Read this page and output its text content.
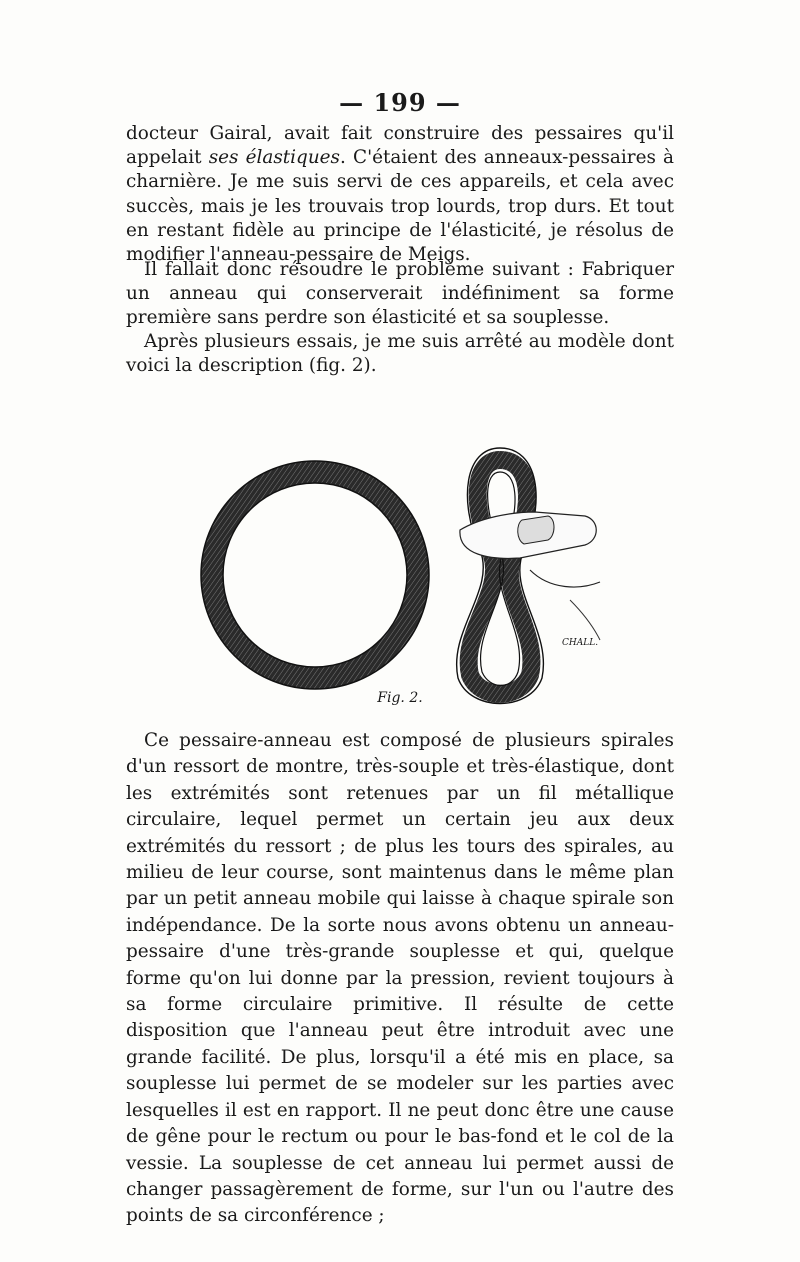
— 199 —
docteur Gairal, avait fait construire des pessaires qu'il appelait ses élastiques. C'étaient des anneaux-pessaires à charnière. Je me suis servi de ces appareils, et cela avec succès, mais je les trouvais trop lourds, trop durs. Et tout en restant fidèle au principe de l'élasticité, je résolus de modifier l'anneau-pessaire de Meigs.
Il fallait donc résoudre le problème suivant : Fabriquer un anneau qui conserverait indéfiniment sa forme première sans perdre son élasticité et sa souplesse.
Après plusieurs essais, je me suis arrêté au modèle dont voici la description (fig. 2).
CHALL.
Fig. 2.
Ce pessaire-anneau est composé de plusieurs spirales d'un ressort de montre, très-souple et très-élastique, dont les extrémités sont retenues par un fil métallique circulaire, lequel permet un certain jeu aux deux extrémités du ressort ; de plus les tours des spirales, au milieu de leur course, sont maintenus dans le même plan par un petit anneau mobile qui laisse à chaque spirale son indépendance. De la sorte nous avons obtenu un anneau-pessaire d'une très-grande souplesse et qui, quelque forme qu'on lui donne par la pression, revient toujours à sa forme circulaire primitive. Il résulte de cette disposition que l'anneau peut être introduit avec une grande facilité. De plus, lorsqu'il a été mis en place, sa souplesse lui permet de se modeler sur les parties avec lesquelles il est en rapport. Il ne peut donc être une cause de gêne pour le rectum ou pour le bas-fond et le col de la vessie. La souplesse de cet anneau lui permet aussi de changer passagèrement de forme, sur l'un ou l'autre des points de sa circonférence ;
